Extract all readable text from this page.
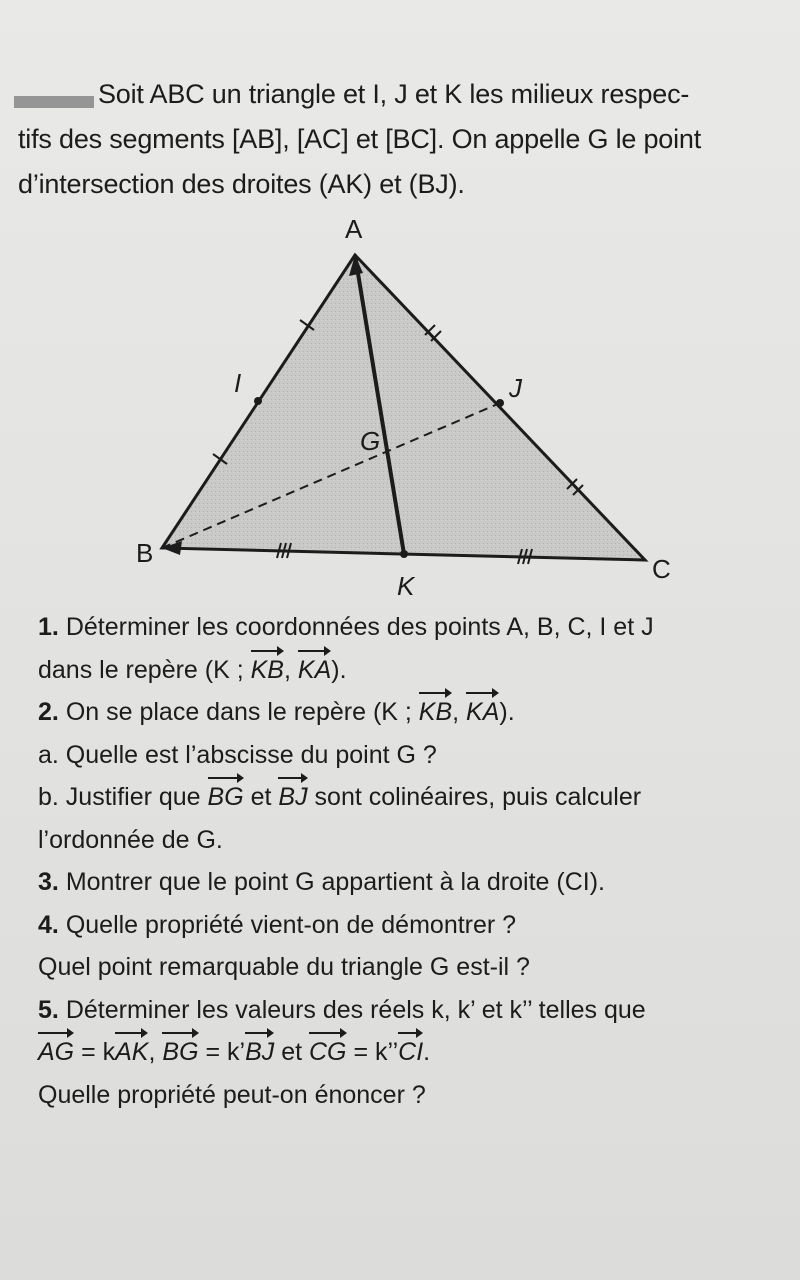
Soit ABC un triangle et I, J et K les milieux respec-
tifs des segments [AB], [AC] et [BC]. On appelle G le point
d’intersection des droites (AK) et (BJ).
A
B
C
I	J
K
G
1. Déterminer les coordonnées des points A, B, C, I et J
dans le repère (K ; KB, KA).
2. On se place dans le repère (K ; KB, KA).
a. Quelle est l’abscisse du point G ?
b. Justifier que BG et BJ sont colinéaires, puis calculer
l’ordonnée de G.
3. Montrer que le point G appartient à la droite (CI).
4. Quelle propriété vient-on de démontrer ?
Quel point remarquable du triangle G est-il ?
5. Déterminer les valeurs des réels k, k’ et k’’ telles que
AG = kAK, BG = k’BJ et CG = k’’CI.
Quelle propriété peut-on énoncer ?
